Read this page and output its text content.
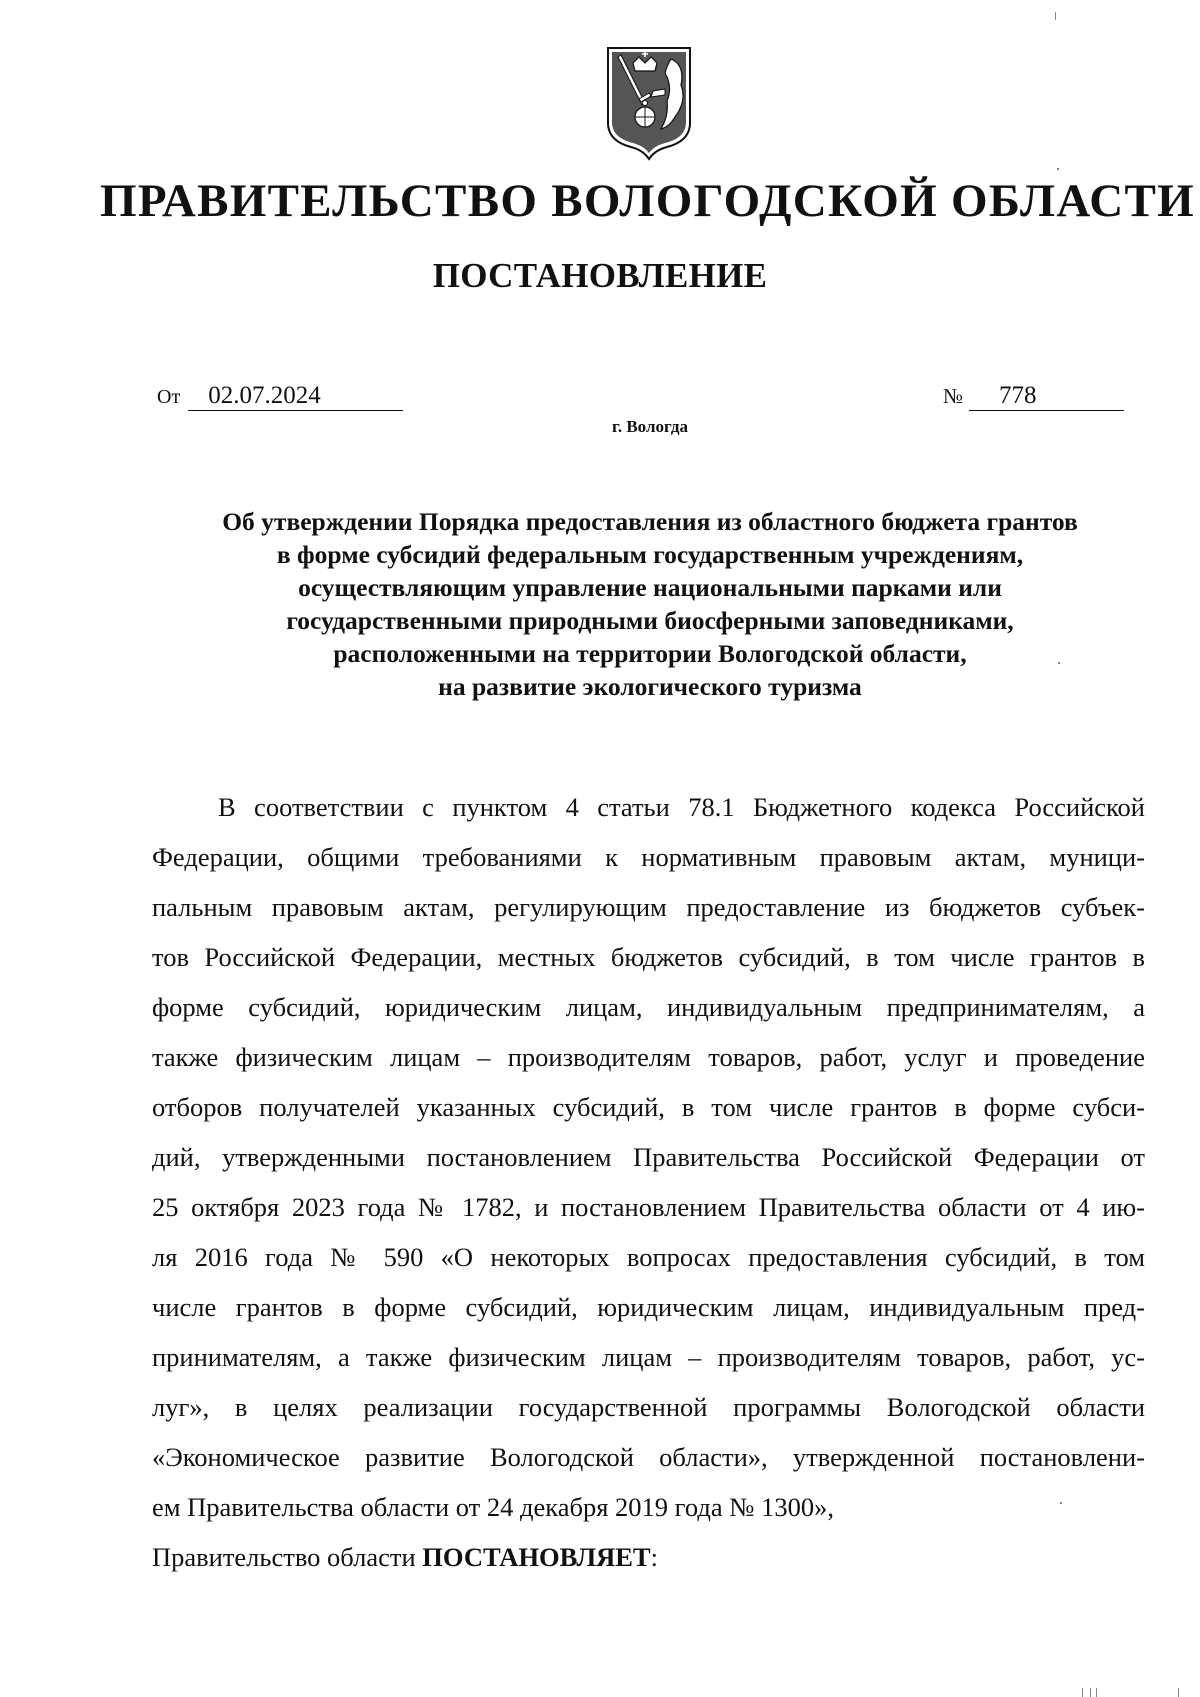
ПРАВИТЕЛЬСТВО ВОЛОГОДСКОЙ ОБЛАСТИ
ПОСТАНОВЛЕНИЕ
От 02.07.2024	№ 778
г. Вологда
Об утверждении Порядка предоставления из областного бюджета грантов
в форме субсидий федеральным государственным учреждениям,
осуществляющим управление национальными парками или
государственными природными биосферными заповедниками,
расположенными на территории Вологодской области,
на развитие экологического туризма
В соответствии с пунктом 4 статьи 78.1 Бюджетного кодекса Российской
Федерации, общими требованиями к нормативным правовым актам, муници-
пальным правовым актам, регулирующим предоставление из бюджетов субъек-
тов Российской Федерации, местных бюджетов субсидий, в том числе грантов в
форме субсидий, юридическим лицам, индивидуальным предпринимателям, а
также физическим лицам – производителям товаров, работ, услуг и проведение
отборов получателей указанных субсидий, в том числе грантов в форме субси-
дий, утвержденными постановлением Правительства Российской Федерации от
25 октября 2023 года № 1782, и постановлением Правительства области от 4 ию-
ля 2016 года № 590 «О некоторых вопросах предоставления субсидий, в том
числе грантов в форме субсидий, юридическим лицам, индивидуальным пред-
принимателям, а также физическим лицам – производителям товаров, работ, ус-
луг», в целях реализации государственной программы Вологодской области
«Экономическое развитие Вологодской области», утвержденной постановлени-
ем Правительства области от 24 декабря 2019 года № 1300»,
Правительство области ПОСТАНОВЛЯЕТ:
